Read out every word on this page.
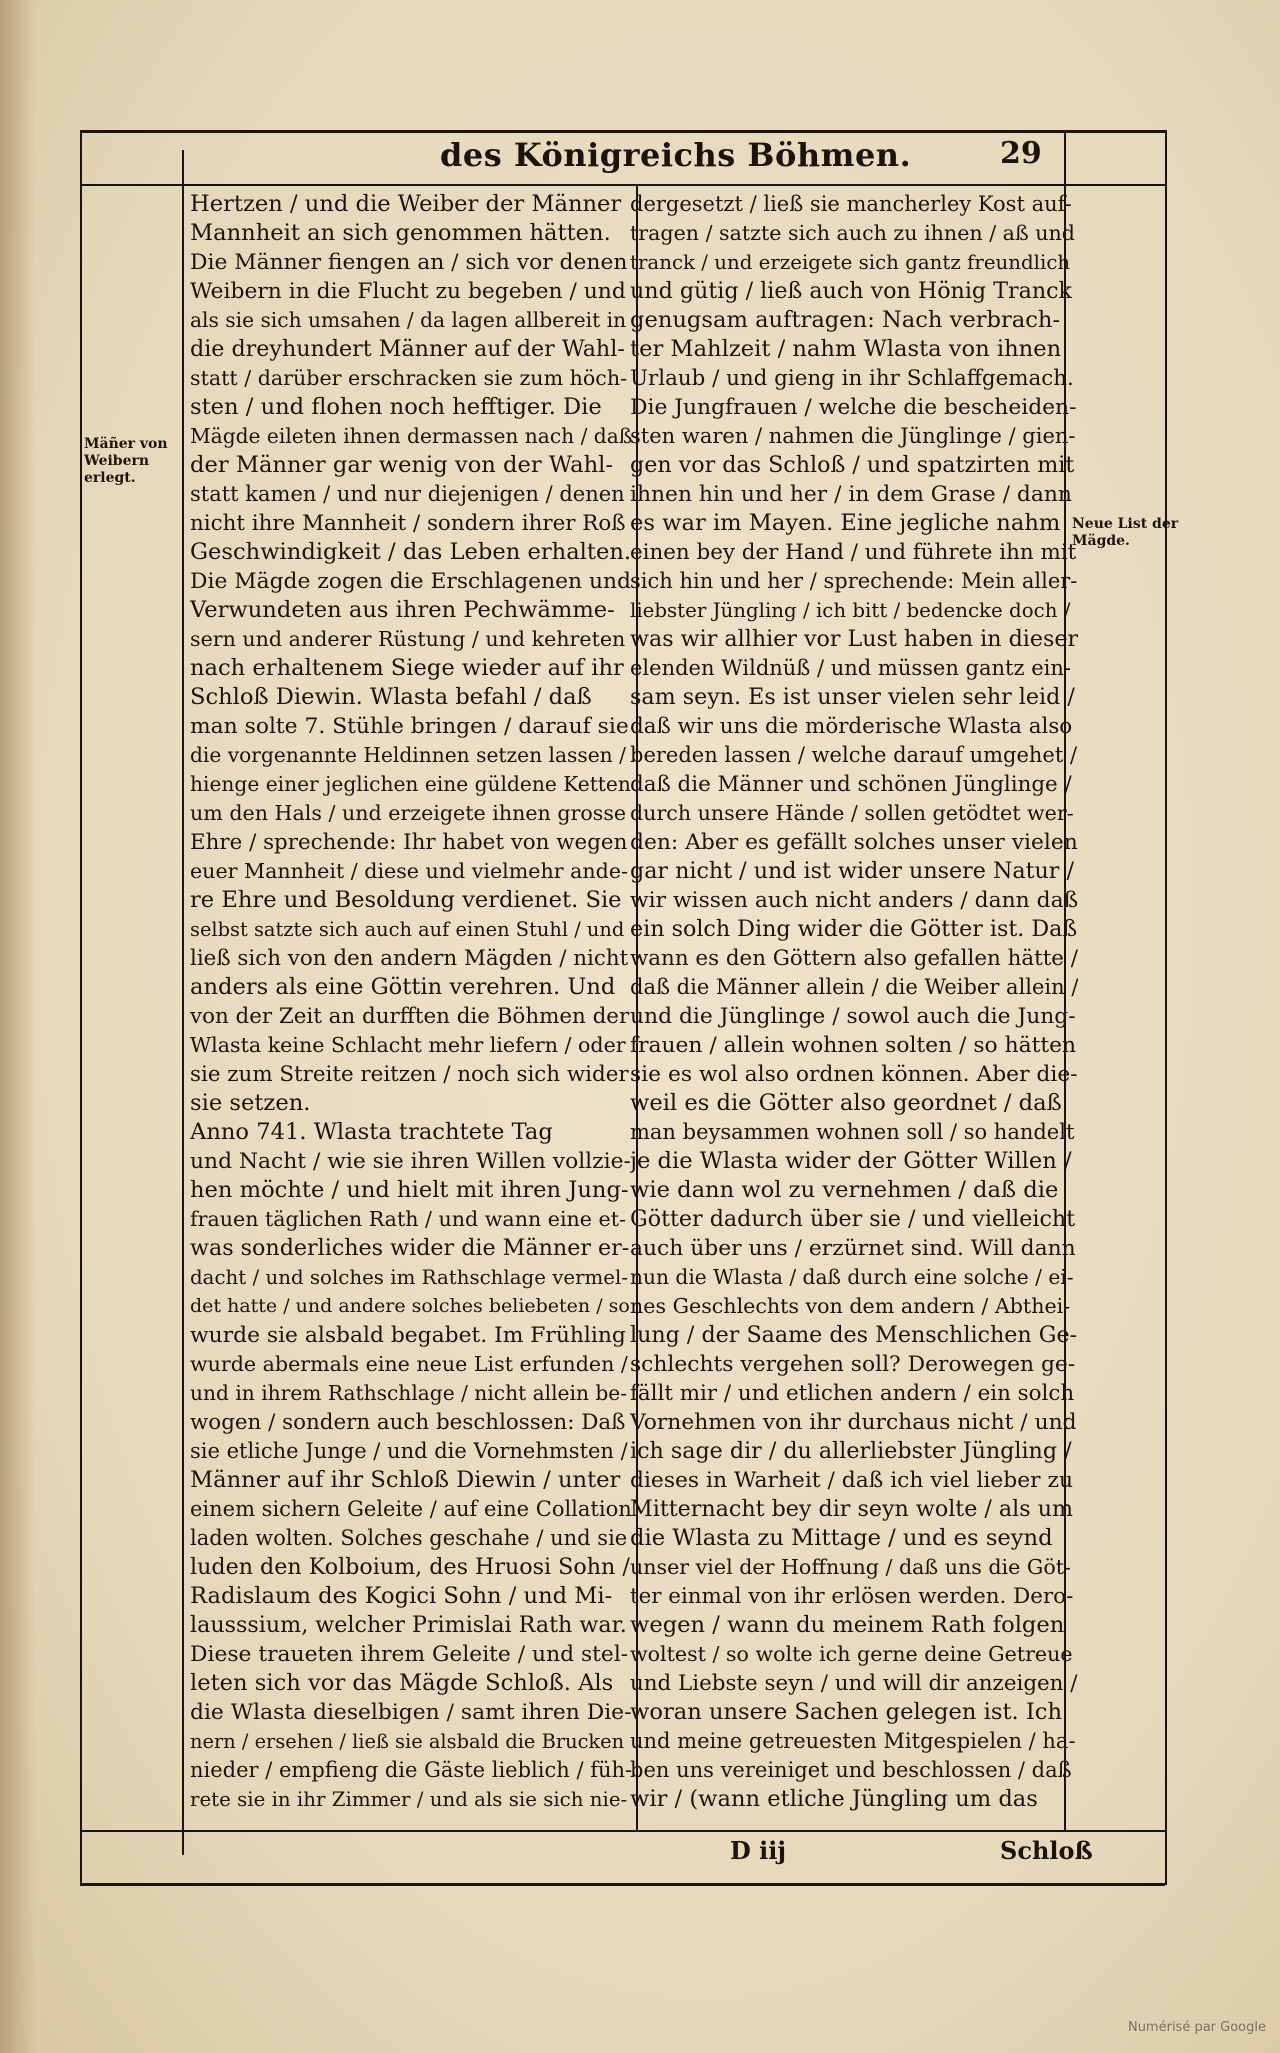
des Königreichs Böhmen.	29
Mäñer von Weibern erlegt.
Neue List der Mägde.
Hertzen / und die Weiber der Männer
Mannheit an sich genommen hätten.
Die Männer fiengen an / sich vor denen
Weibern in die Flucht zu begeben / und
als sie sich umsahen / da lagen allbereit in
die dreyhundert Männer auf der Wahl-
statt / darüber erschracken sie zum höch-
sten / und flohen noch hefftiger. Die
Mägde eileten ihnen dermassen nach / daß
der Männer gar wenig von der Wahl-
statt kamen / und nur diejenigen / denen
nicht ihre Mannheit / sondern ihrer Roß
Geschwindigkeit / das Leben erhalten.
Die Mägde zogen die Erschlagenen und
Verwundeten aus ihren Pechwämme-
sern und anderer Rüstung / und kehreten
nach erhaltenem Siege wieder auf ihr
Schloß Diewin. Wlasta befahl / daß
man solte 7. Stühle bringen / darauf sie
die vorgenannte Heldinnen setzen lassen /
hienge einer jeglichen eine güldene Ketten
um den Hals / und erzeigete ihnen grosse
Ehre / sprechende: Ihr habet von wegen
euer Mannheit / diese und vielmehr ande-
re Ehre und Besoldung verdienet. Sie
selbst satzte sich auch auf einen Stuhl / und
ließ sich von den andern Mägden / nicht
anders als eine Göttin verehren. Und
von der Zeit an durfften die Böhmen der
Wlasta keine Schlacht mehr liefern / oder
sie zum Streite reitzen / noch sich wider
sie setzen.
Anno 741. Wlasta trachtete Tag
und Nacht / wie sie ihren Willen vollzie-
hen möchte / und hielt mit ihren Jung-
frauen täglichen Rath / und wann eine et-
was sonderliches wider die Männer er-
dacht / und solches im Rathschlage vermel-
det hatte / und andere solches beliebeten / so
wurde sie alsbald begabet. Im Frühling
wurde abermals eine neue List erfunden /
und in ihrem Rathschlage / nicht allein be-
wogen / sondern auch beschlossen: Daß
sie etliche Junge / und die Vornehmsten /
Männer auf ihr Schloß Diewin / unter
einem sichern Geleite / auf eine Collation
laden wolten. Solches geschahe / und sie
luden den Kolboium, des Hruosi Sohn /
Radislaum des Kogici Sohn / und Mi-
lausssium, welcher Primislai Rath war.
Diese traueten ihrem Geleite / und stel-
leten sich vor das Mägde Schloß. Als
die Wlasta dieselbigen / samt ihren Die-
nern / ersehen / ließ sie alsbald die Brucken
nieder / empfieng die Gäste lieblich / füh-
rete sie in ihr Zimmer / und als sie sich nie-
dergesetzt / ließ sie mancherley Kost auf-
tragen / satzte sich auch zu ihnen / aß und
tranck / und erzeigete sich gantz freundlich
und gütig / ließ auch von Hönig Tranck
genugsam auftragen: Nach verbrach-
ter Mahlzeit / nahm Wlasta von ihnen
Urlaub / und gieng in ihr Schlaffgemach.
Die Jungfrauen / welche die bescheiden-
sten waren / nahmen die Jünglinge / gien-
gen vor das Schloß / und spatzirten mit
ihnen hin und her / in dem Grase / dann
es war im Mayen. Eine jegliche nahm
einen bey der Hand / und führete ihn mit
sich hin und her / sprechende: Mein aller-
liebster Jüngling / ich bitt / bedencke doch /
was wir allhier vor Lust haben in dieser
elenden Wildnüß / und müssen gantz ein-
sam seyn. Es ist unser vielen sehr leid /
daß wir uns die mörderische Wlasta also
bereden lassen / welche darauf umgehet /
daß die Männer und schönen Jünglinge /
durch unsere Hände / sollen getödtet wer-
den: Aber es gefällt solches unser vielen
gar nicht / und ist wider unsere Natur /
wir wissen auch nicht anders / dann daß
ein solch Ding wider die Götter ist. Daß
wann es den Göttern also gefallen hätte /
daß die Männer allein / die Weiber allein /
und die Jünglinge / sowol auch die Jung-
frauen / allein wohnen solten / so hätten
sie es wol also ordnen können. Aber die-
weil es die Götter also geordnet / daß
man beysammen wohnen soll / so handelt
je die Wlasta wider der Götter Willen /
wie dann wol zu vernehmen / daß die
Götter dadurch über sie / und vielleicht
auch über uns / erzürnet sind. Will dann
nun die Wlasta / daß durch eine solche / ei-
nes Geschlechts von dem andern / Abthei-
lung / der Saame des Menschlichen Ge-
schlechts vergehen soll? Derowegen ge-
fällt mir / und etlichen andern / ein solch
Vornehmen von ihr durchaus nicht / und
ich sage dir / du allerliebster Jüngling /
dieses in Warheit / daß ich viel lieber zu
Mitternacht bey dir seyn wolte / als um
die Wlasta zu Mittage / und es seynd
unser viel der Hoffnung / daß uns die Göt-
ter einmal von ihr erlösen werden. Dero-
wegen / wann du meinem Rath folgen
woltest / so wolte ich gerne deine Getreue
und Liebste seyn / und will dir anzeigen /
woran unsere Sachen gelegen ist. Ich
und meine getreuesten Mitgespielen / ha-
ben uns vereiniget und beschlossen / daß
wir / (wann etliche Jüngling um das
D iij	Schloß
Numérisé par Google
